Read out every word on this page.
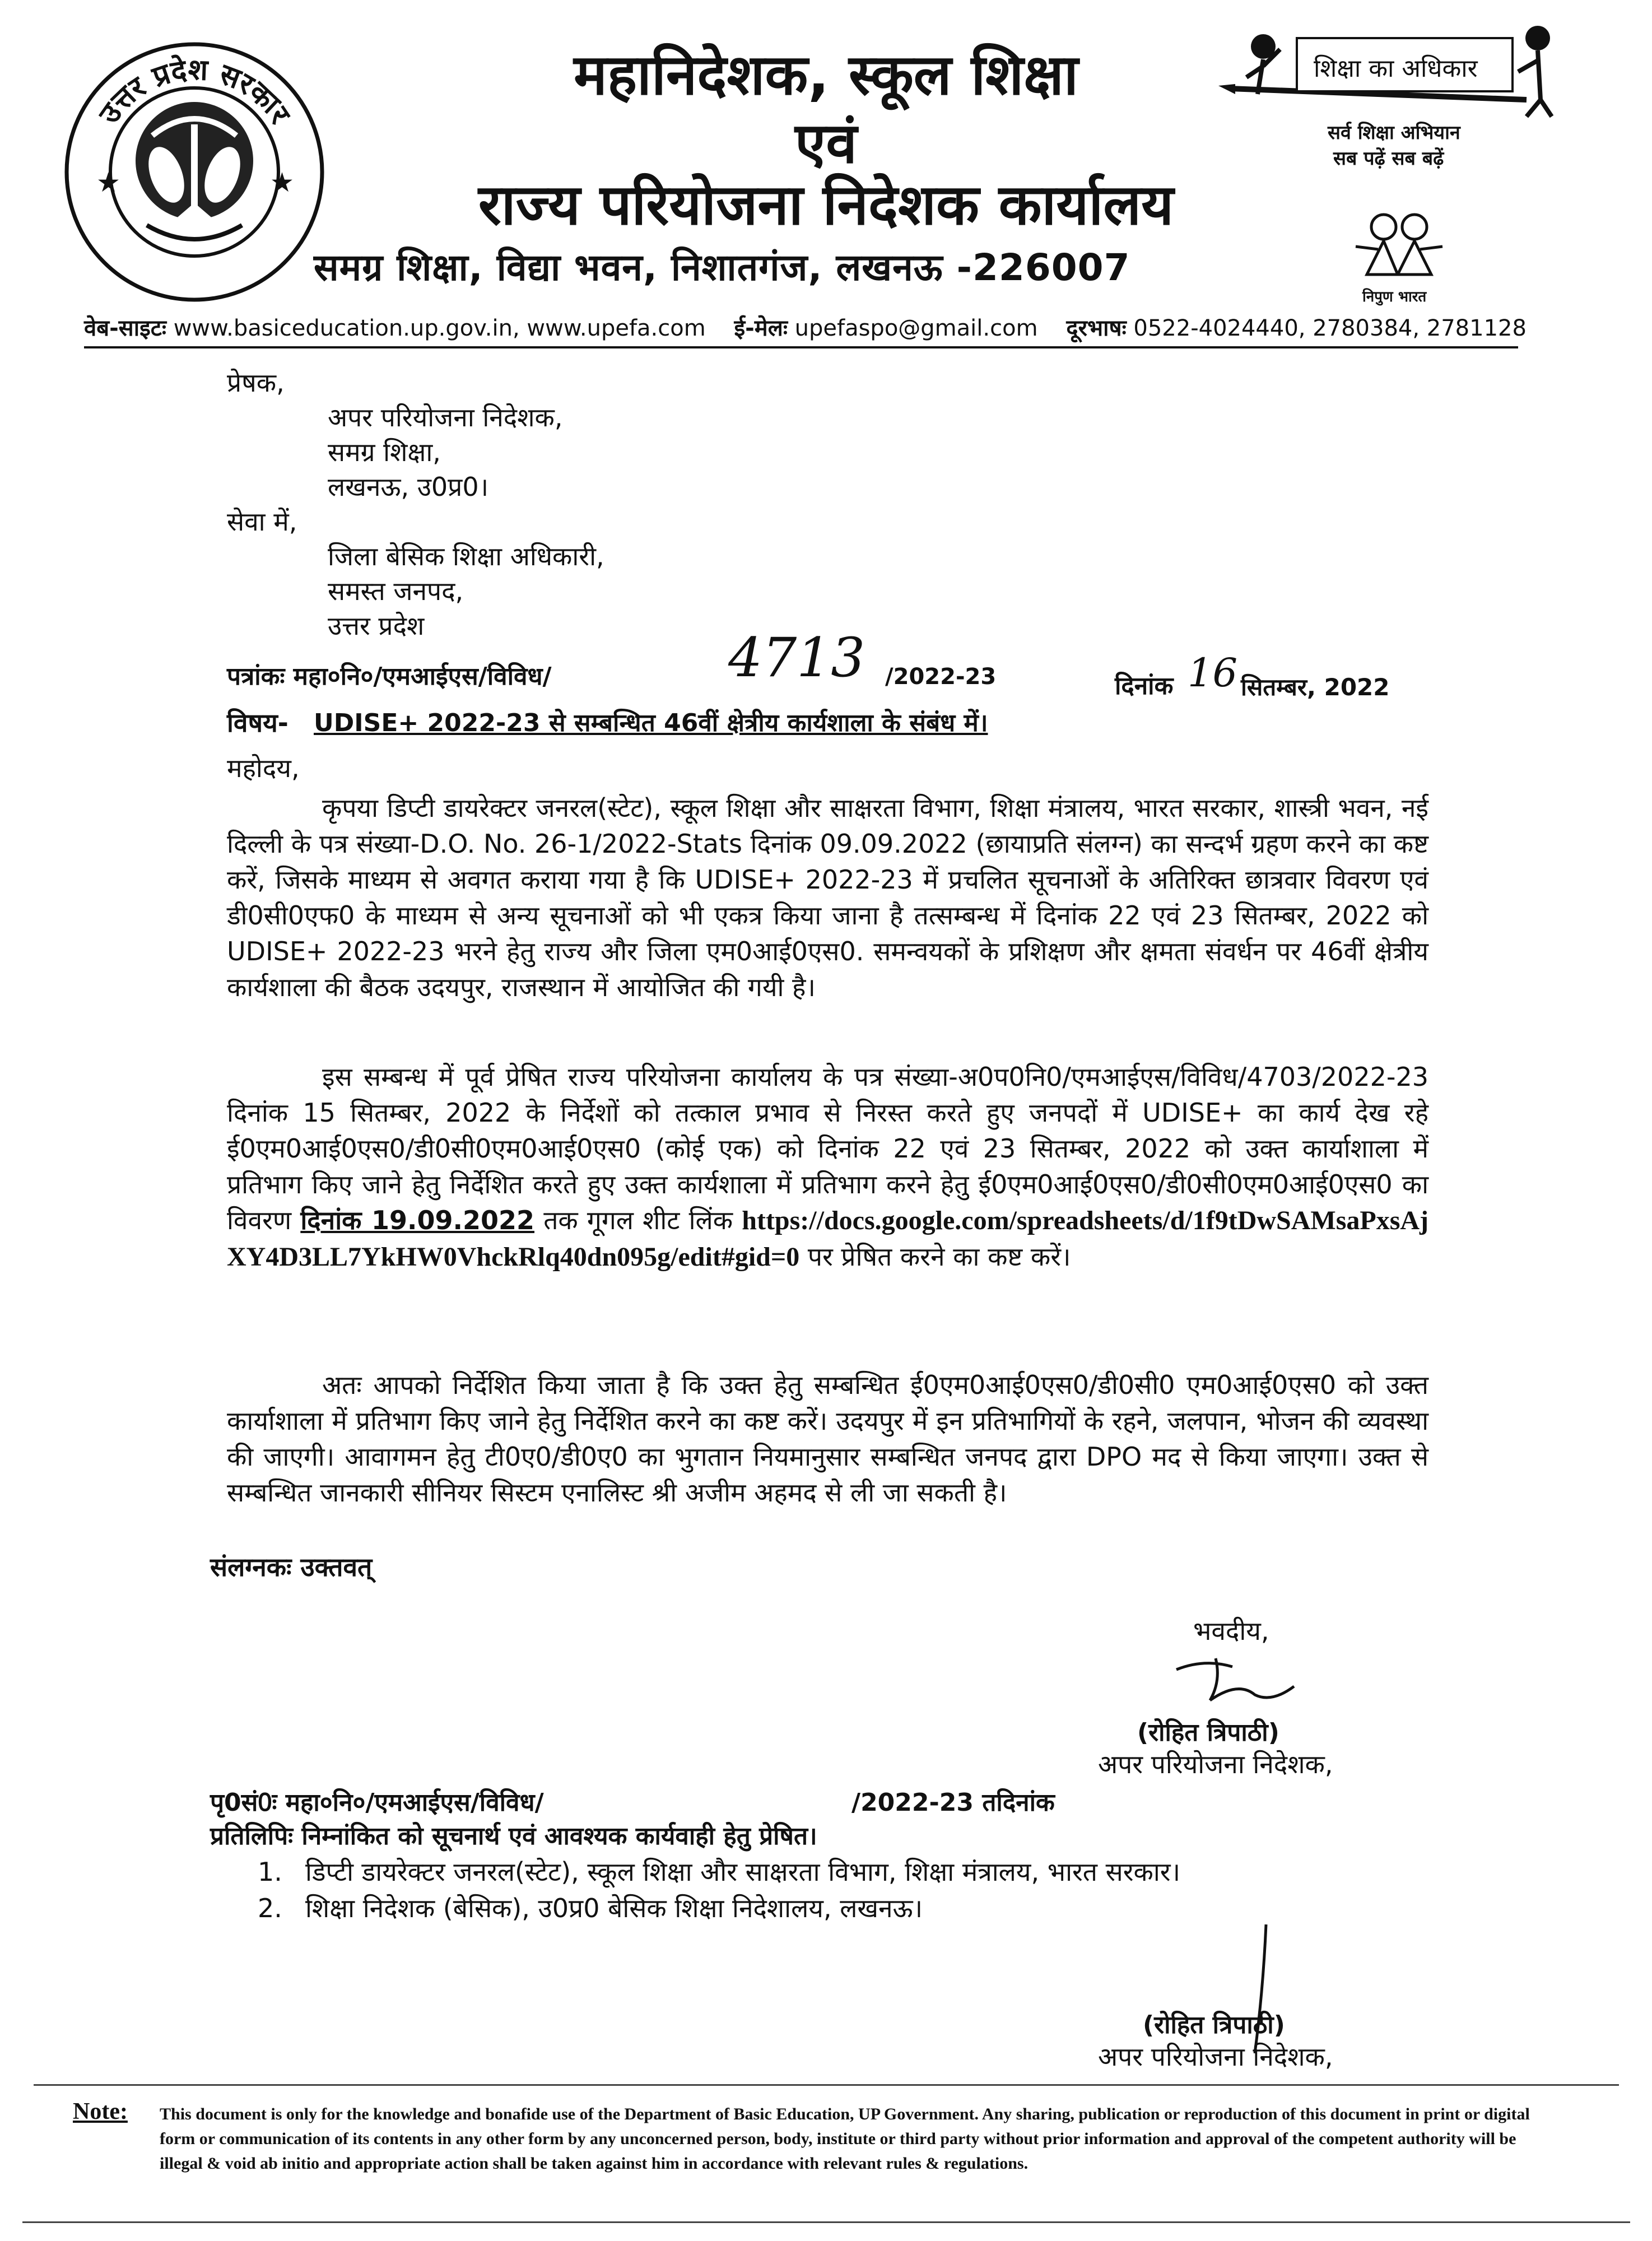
उत्तर प्रदेश सरकार
★	★
महानिदेशक, स्कूल शिक्षा
एवं
राज्य परियोजना निदेशक कार्यालय
समग्र शिक्षा, विद्या भवन, निशातगंज, लखनऊ -226007
शिक्षा का अधिकार
सर्व शिक्षा अभियान
सब पढ़ें सब बढ़ें
निपुण भारत
वेब-साइटः www.basiceducation.up.gov.in, www.upefa.com ई-मेलः upefaspo@gmail.com दूरभाषः 0522-4024440, 2780384, 2781128
प्रेषक,
अपर परियोजना निदेशक,
समग्र शिक्षा,
लखनऊ, उ0प्र0।
सेवा में,
जिला बेसिक शिक्षा अधिकारी,
समस्त जनपद,
उत्तर प्रदेश
पत्रांकः महा०नि०/एमआईएस/विविध/	4713 /2022-23	दिनांक 16 सितम्बर, 2022
विषय- UDISE+ 2022-23 से सम्बन्धित 46वीं क्षेत्रीय कार्यशाला के संबंध में।
महोदय,
कृपया डिप्टी डायरेक्टर जनरल(स्टेट), स्कूल शिक्षा और साक्षरता विभाग, शिक्षा मंत्रालय, भारत सरकार, शास्त्री भवन, नई दिल्ली के पत्र संख्या-D.O. No. 26-1/2022-Stats दिनांक 09.09.2022 (छायाप्रति संलग्न) का सन्दर्भ ग्रहण करने का कष्ट करें, जिसके माध्यम से अवगत कराया गया है कि UDISE+ 2022-23 में प्रचलित सूचनाओं के अतिरिक्त छात्रवार विवरण एवं डी0सी0एफ0 के माध्यम से अन्य सूचनाओं को भी एकत्र किया जाना है तत्सम्बन्ध में दिनांक 22 एवं 23 सितम्बर, 2022 को UDISE+ 2022-23 भरने हेतु राज्य और जिला एम0आई0एस0. समन्वयकों के प्रशिक्षण और क्षमता संवर्धन पर 46वीं क्षेत्रीय कार्यशाला की बैठक उदयपुर, राजस्थान में आयोजित की गयी है।
इस सम्बन्ध में पूर्व प्रेषित राज्य परियोजना कार्यालय के पत्र संख्या-अ0प0नि0/एमआईएस/विविध/4703/2022-23 दिनांक 15 सितम्बर, 2022 के निर्देशों को तत्काल प्रभाव से निरस्त करते हुए जनपदों में UDISE+ का कार्य देख रहे ई0एम0आई0एस0/डी0सी0एम0आई0एस0 (कोई एक) को दिनांक 22 एवं 23 सितम्बर, 2022 को उक्त कार्याशाला में प्रतिभाग किए जाने हेतु निर्देशित करते हुए उक्त कार्यशाला में प्रतिभाग करने हेतु ई0एम0आई0एस0/डी0सी0एम0आई0एस0 का विवरण दिनांक 19.09.2022 तक गूगल शीट लिंक https://docs.google.com/spreadsheets/d/1f9tDwSAMsaPxsAjXY4D3LL7YkHW0VhckRlq40dn095g/edit#gid=0 पर प्रेषित करने का कष्ट करें।
अतः आपको निर्देशित किया जाता है कि उक्त हेतु सम्बन्धित ई0एम0आई0एस0/डी0सी0 एम0आई0एस0 को उक्त कार्याशाला में प्रतिभाग किए जाने हेतु निर्देशित करने का कष्ट करें। उदयपुर में इन प्रतिभागियों के रहने, जलपान, भोजन की व्यवस्था की जाएगी। आवागमन हेतु टी0ए0/डी0ए0 का भुगतान नियमानुसार सम्बन्धित जनपद द्वारा DPO मद से किया जाएगा। उक्त से सम्बन्धित जानकारी सीनियर सिस्टम एनालिस्ट श्री अजीम अहमद से ली जा सकती है।
संलग्नकः उक्तवत्
भवदीय,
(रोहित त्रिपाठी)
अपर परियोजना निदेशक,
पृ0सं0ः महा०नि०/एमआईएस/विविध/	/2022-23 तदिनांक
प्रतिलिपिः निम्नांकित को सूचनार्थ एवं आवश्यक कार्यवाही हेतु प्रेषित।
1. डिप्टी डायरेक्टर जनरल(स्टेट), स्कूल शिक्षा और साक्षरता विभाग, शिक्षा मंत्रालय, भारत सरकार।
2. शिक्षा निदेशक (बेसिक), उ0प्र0 बेसिक शिक्षा निदेशालय, लखनऊ।
(रोहित त्रिपाठी)
अपर परियोजना निदेशक,
Note: This document is only for the knowledge and bonafide use of the Department of Basic Education, UP Government. Any sharing, publication or reproduction of this document in print or digital form or communication of its contents in any other form by any unconcerned person, body, institute or third party without prior information and approval of the competent authority will be illegal & void ab initio and appropriate action shall be taken against him in accordance with relevant rules & regulations.
